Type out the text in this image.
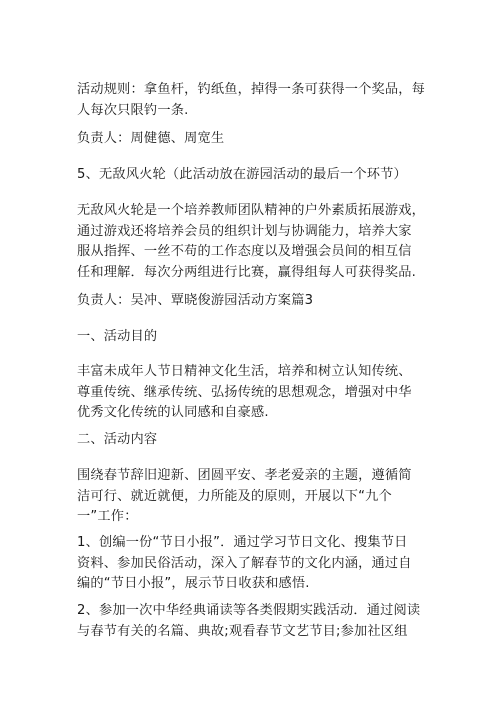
活动规则：拿鱼杆，钓纸鱼，掉得一条可获得一个奖品，每
人每次只限钓一条.

负责人：周健德、周宽生

5、无敌风火轮（此活动放在游园活动的最后一个环节）

无敌风火轮是一个培养教师团队精神的户外素质拓展游戏，
通过游戏还将培养会员的组织计划与协调能力，培养大家
服从指挥、一丝不苟的工作态度以及增强会员间的相互信
任和理解．每次分两组进行比赛，赢得组每人可获得奖品.

负责人：吴冲、覃晓俊游园活动方案篇3

一、活动目的

丰富未成年人节日精神文化生活，培养和树立认知传统、
尊重传统、继承传统、弘扬传统的思想观念，增强对中华
优秀文化传统的认同感和自豪感.

二、活动内容

围绕春节辞旧迎新、团圆平安、孝老爱亲的主题，遵循简
洁可行、就近就便，力所能及的原则，开展以下“九个
一”工作：

1、创编一份“节日小报”．通过学习节日文化、搜集节日
资料、参加民俗活动，深入了解春节的文化内涵，通过自
编的“节日小报”，展示节日收获和感悟.

2、参加一次中华经典诵读等各类假期实践活动．通过阅读
与春节有关的名篇、典故;观看春节文艺节目;参加社区组
